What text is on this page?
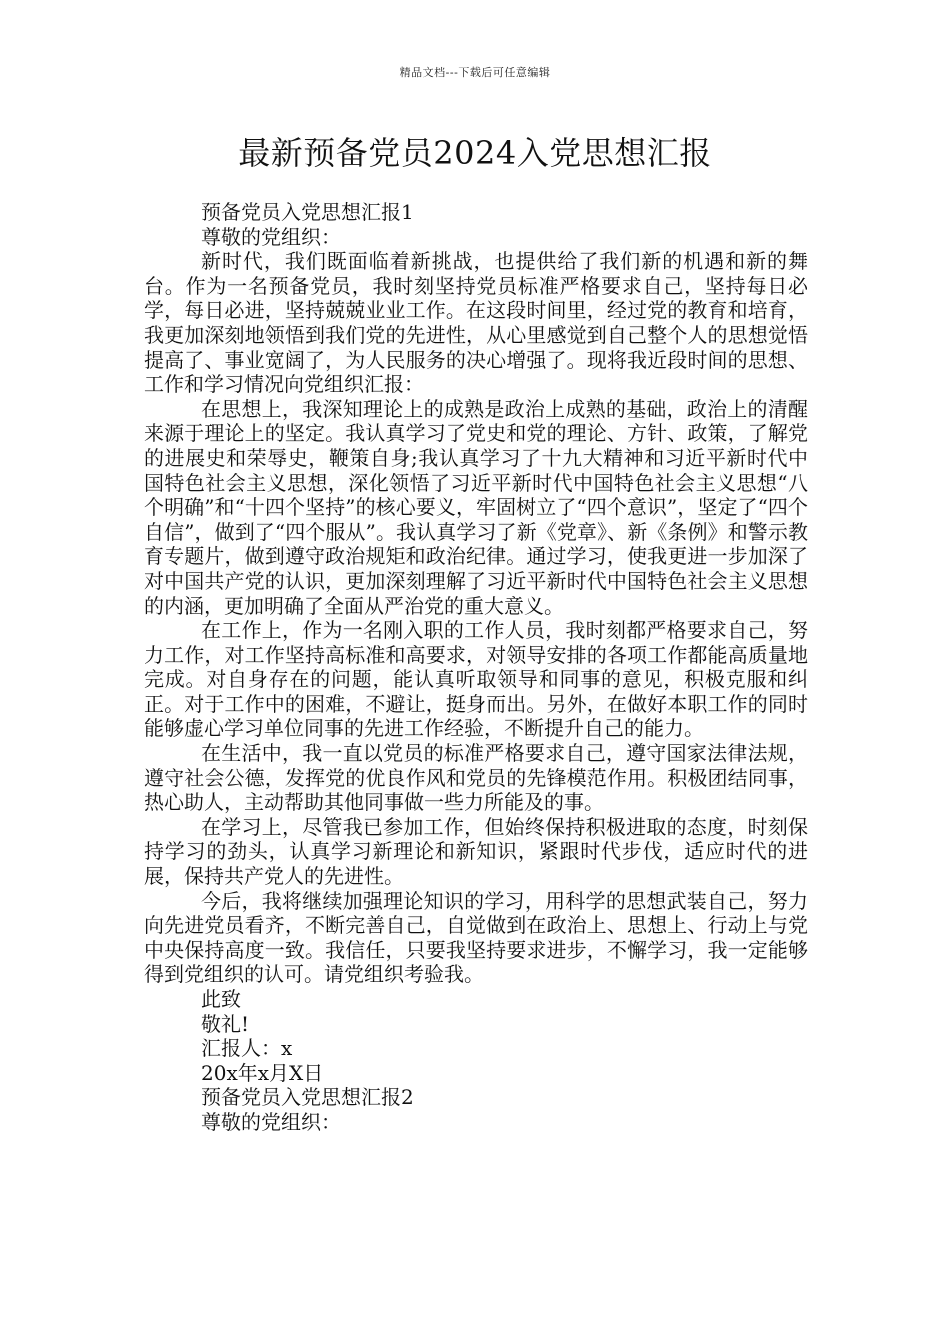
精品文档---下载后可任意编辑
最新预备党员2024入党思想汇报
预备党员入党思想汇报1
尊敬的党组织：

新时代，我们既面临着新挑战，也提供给了我们新的机遇和新的舞台。作为一名预备党员，我时刻坚持党员标准严格要求自己，坚持每日必学，每日必进，坚持兢兢业业工作。在这段时间里，经过党的教育和培育，我更加深刻地领悟到我们党的先进性，从心里感觉到自己整个人的思想觉悟提高了、事业宽阔了，为人民服务的决心增强了。现将我近段时间的思想、工作和学习情况向党组织汇报：

在思想上，我深知理论上的成熟是政治上成熟的基础，政治上的清醒来源于理论上的坚定。我认真学习了党史和党的理论、方针、政策，了解党的进展史和荣辱史，鞭策自身;我认真学习了十九大精神和习近平新时代中国特色社会主义思想，深化领悟了习近平新时代中国特色社会主义思想“八个明确”和“十四个坚持”的核心要义，牢固树立了“四个意识”，坚定了“四个自信”，做到了“四个服从”。我认真学习了新《党章》、新《条例》和警示教育专题片，做到遵守政治规矩和政治纪律。通过学习，使我更进一步加深了对中国共产党的认识，更加深刻理解了习近平新时代中国特色社会主义思想的内涵，更加明确了全面从严治党的重大意义。

在工作上，作为一名刚入职的工作人员，我时刻都严格要求自己，努力工作，对工作坚持高标准和高要求，对领导安排的各项工作都能高质量地完成。对自身存在的问题，能认真听取领导和同事的意见，积极克服和纠正。对于工作中的困难，不避让，挺身而出。另外，在做好本职工作的同时能够虚心学习单位同事的先进工作经验，不断提升自己的能力。

在生活中，我一直以党员的标准严格要求自己，遵守国家法律法规，遵守社会公德，发挥党的优良作风和党员的先锋模范作用。积极团结同事，热心助人，主动帮助其他同事做一些力所能及的事。

在学习上，尽管我已参加工作，但始终保持积极进取的态度，时刻保持学习的劲头，认真学习新理论和新知识，紧跟时代步伐，适应时代的进展，保持共产党人的先进性。

今后，我将继续加强理论知识的学习，用科学的思想武装自己，努力向先进党员看齐，不断完善自己，自觉做到在政治上、思想上、行动上与党中央保持高度一致。我信任，只要我坚持要求进步，不懈学习，我一定能够得到党组织的认可。请党组织考验我。

此致
敬礼!
汇报人：x
20x年x月X日
预备党员入党思想汇报2
尊敬的党组织：
